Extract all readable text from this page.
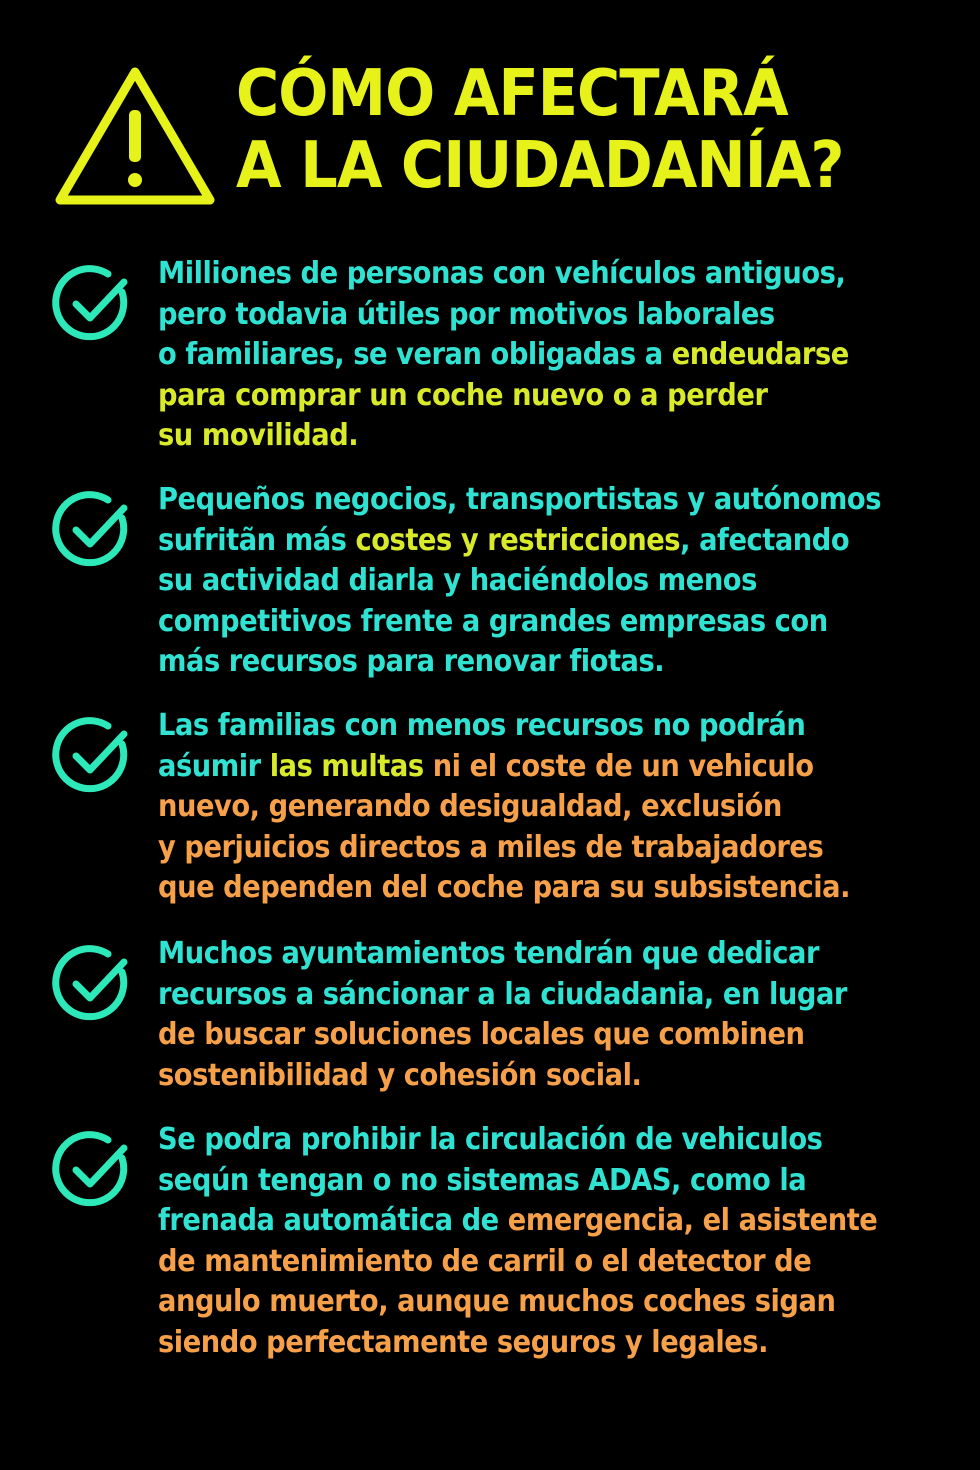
CÓMO AFECTARÁ
A LA CIUDADANÍA?
Milliones de personas con vehículos antiguos,
pero todavia útiles por motivos laborales
o familiares, se veran obligadas a endeudarse
para comprar un coche nuevo o a perder
su movilidad.
Pequeños negocios, transportistas y autónomos
sufritãn más costes y restricciones, afectando
su actividad diarla y haciéndolos menos
competitivos frente a grandes empresas con
más recursos para renovar fiotas.
Las familias con menos recursos no podrán
aśumir las multas ni el coste de un vehiculo
nuevo, generando desigualdad, exclusión
y perjuicios directos a miles de trabajadores
que dependen del coche para su subsistencia.
Muchos ayuntamientos tendrán que dedicar
recursos a sáncionar a la ciudadania, en lugar
de buscar soluciones locales que combinen
sostenibilidad y cohesión social.
Se podra prohibir la circulación de vehiculos
seqún tengan o no sistemas ADAS, como la
frenada automática de emergencia, el asistente
de mantenimiento de carril o el detector de
angulo muerto, aunque muchos coches sigan
siendo perfectamente seguros y legales.
